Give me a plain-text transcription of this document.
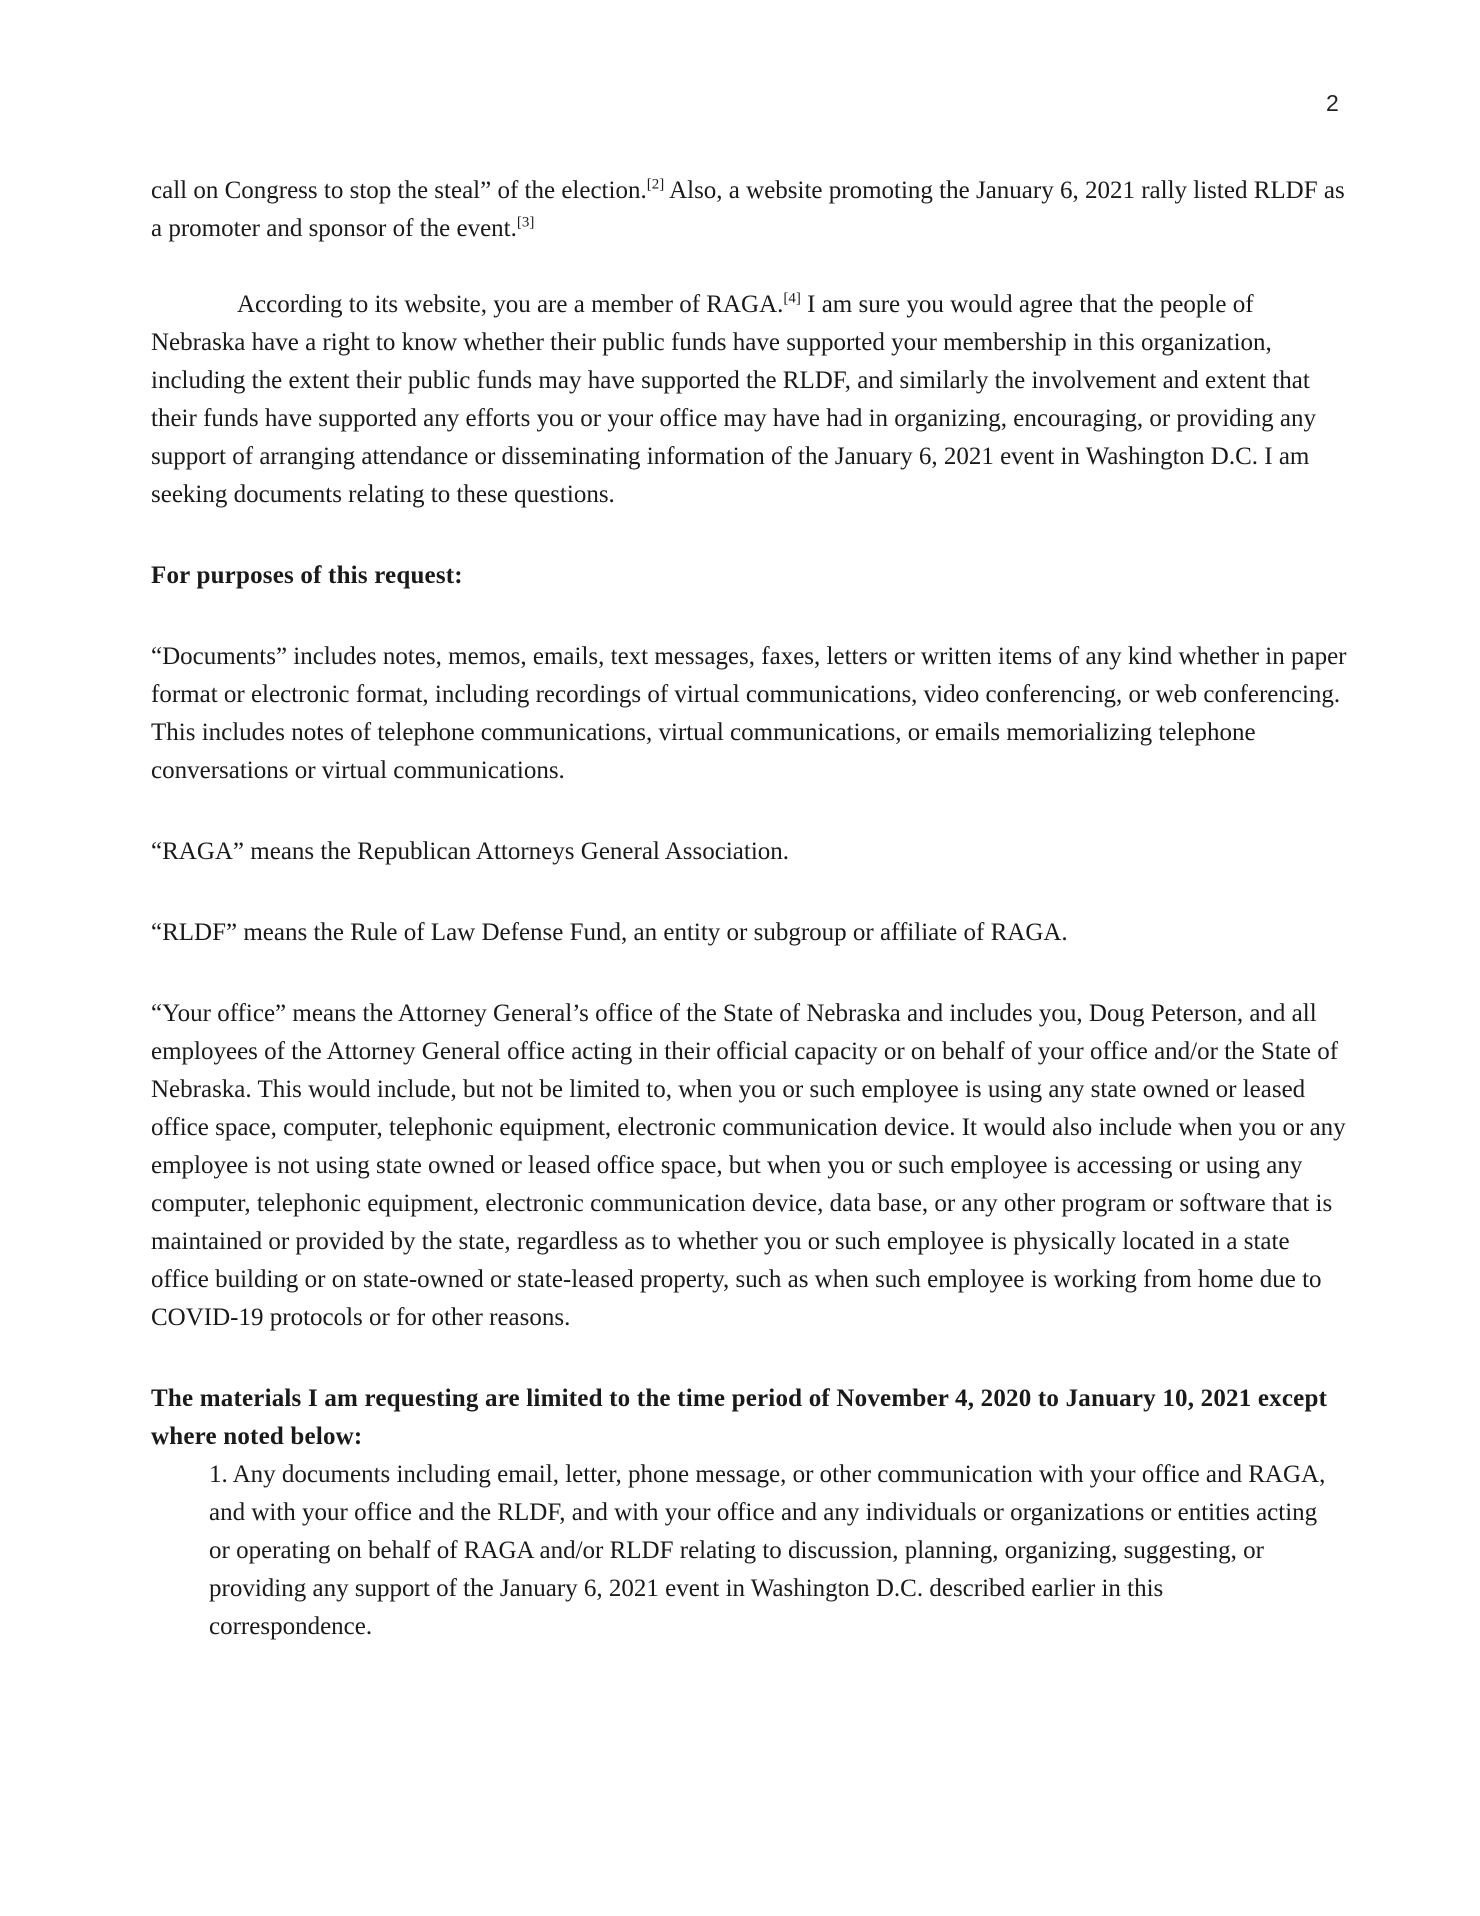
2

call on Congress to stop the steal” of the election.[2] Also, a website promoting the January 6, 2021 rally listed RLDF as a promoter and sponsor of the event.[3]

According to its website, you are a member of RAGA.[4] I am sure you would agree that the people of Nebraska have a right to know whether their public funds have supported your membership in this organization, including the extent their public funds may have supported the RLDF, and similarly the involvement and extent that their funds have supported any efforts you or your office may have had in organizing, encouraging, or providing any support of arranging attendance or disseminating information of the January 6, 2021 event in Washington D.C. I am seeking documents relating to these questions.

For purposes of this request:

“Documents” includes notes, memos, emails, text messages, faxes, letters or written items of any kind whether in paper format or electronic format, including recordings of virtual communications, video conferencing, or web conferencing. This includes notes of telephone communications, virtual communications, or emails memorializing telephone conversations or virtual communications.

“RAGA” means the Republican Attorneys General Association.

“RLDF” means the Rule of Law Defense Fund, an entity or subgroup or affiliate of RAGA.

“Your office” means the Attorney General’s office of the State of Nebraska and includes you, Doug Peterson, and all employees of the Attorney General office acting in their official capacity or on behalf of your office and/or the State of Nebraska. This would include, but not be limited to, when you or such employee is using any state owned or leased office space, computer, telephonic equipment, electronic communication device. It would also include when you or any employee is not using state owned or leased office space, but when you or such employee is accessing or using any computer, telephonic equipment, electronic communication device, data base, or any other program or software that is maintained or provided by the state, regardless as to whether you or such employee is physically located in a state office building or on state-owned or state-leased property, such as when such employee is working from home due to COVID-19 protocols or for other reasons.

The materials I am requesting are limited to the time period of November 4, 2020 to January 10, 2021 except where noted below:

1. Any documents including email, letter, phone message, or other communication with your office and RAGA, and with your office and the RLDF, and with your office and any individuals or organizations or entities acting or operating on behalf of RAGA and/or RLDF relating to discussion, planning, organizing, suggesting, or providing any support of the January 6, 2021 event in Washington D.C. described earlier in this correspondence.
